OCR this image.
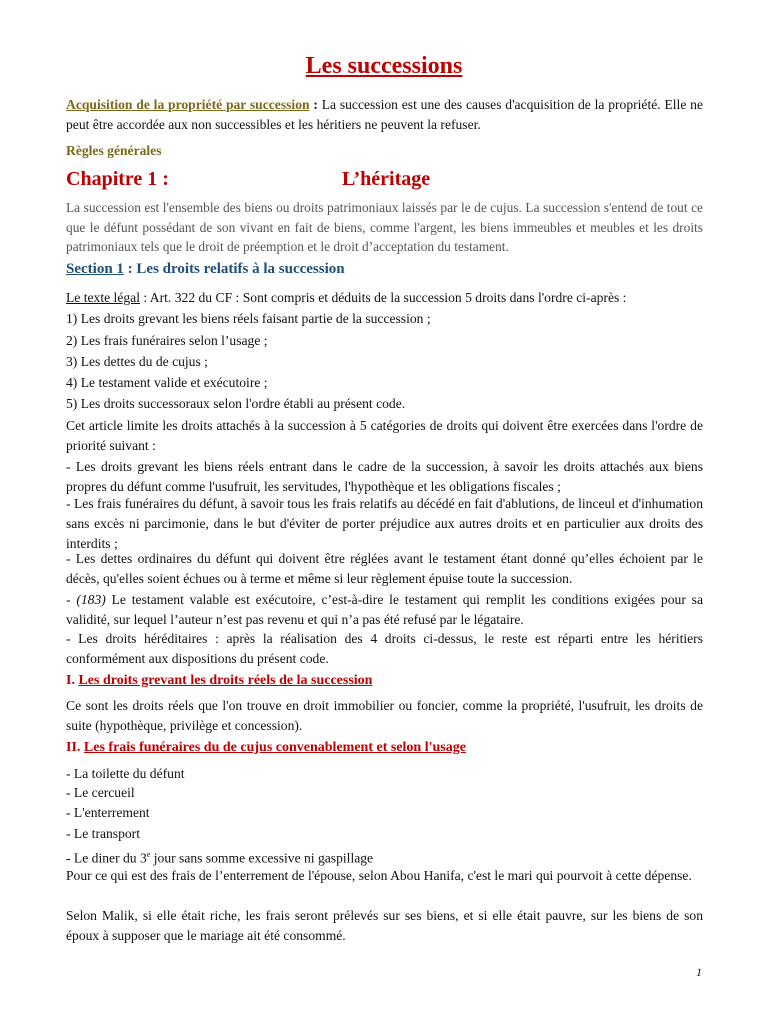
Les successions

Acquisition de la propriété par succession : La succession est une des causes d'acquisition de la propriété. Elle ne peut être accordée aux non successibles et les héritiers ne peuvent la refuser.

Règles générales

Chapitre 1 :	L’héritage

La succession est l'ensemble des biens ou droits patrimoniaux laissés par le de cujus. La succession s'entend de tout ce que le défunt possédant de son vivant en fait de biens, comme l'argent, les biens immeubles et meubles et les droits patrimoniaux tels que le droit de préemption et le droit d’acceptation du testament.

Section 1 : Les droits relatifs à la succession

Le texte légal : Art. 322 du CF : Sont compris et déduits de la succession 5 droits dans l'ordre ci-après :

1) Les droits grevant les biens réels faisant partie de la succession ;

2) Les frais funéraires selon l’usage ;

3) Les dettes du de cujus ;

4) Le testament valide et exécutoire ;

5) Les droits successoraux selon l'ordre établi au présent code.

Cet article limite les droits attachés à la succession à 5 catégories de droits qui doivent être exercées dans l'ordre de priorité suivant :

- Les droits grevant les biens réels entrant dans le cadre de la succession, à savoir les droits attachés aux biens propres du défunt comme l'usufruit, les servitudes, l'hypothèque et les obligations fiscales ;

- Les frais funéraires du défunt, à savoir tous les frais relatifs au décédé en fait d'ablutions, de linceul et d'inhumation sans excès ni parcimonie, dans le but d'éviter de porter préjudice aux autres droits et en particulier aux droits des interdits ;

- Les dettes ordinaires du défunt qui doivent être réglées avant le testament étant donné qu’elles échoient par le décès, qu'elles soient échues ou à terme et même si leur règlement épuise toute la succession.

- (183) Le testament valable est exécutoire, c’est-à-dire le testament qui remplit les conditions exigées pour sa validité, sur lequel l’auteur n’est pas revenu et qui n’a pas été refusé par le légataire.

- Les droits héréditaires : après la réalisation des 4 droits ci-dessus, le reste est réparti entre les héritiers conformément aux dispositions du présent code.

I. Les droits grevant les droits réels de la succession

Ce sont les droits réels que l'on trouve en droit immobilier ou foncier, comme la propriété, l'usufruit, les droits de suite (hypothèque, privilège et concession).

II. Les frais funéraires du de cujus convenablement et selon l'usage

- La toilette du défunt

- Le cercueil

- L'enterrement

- Le transport

- Le diner du 3e jour sans somme excessive ni gaspillage

Pour ce qui est des frais de l’enterrement de l'épouse, selon Abou Hanifa, c'est le mari qui pourvoit à cette dépense.

Selon Malik, si elle était riche, les frais seront prélevés sur ses biens, et si elle était pauvre, sur les biens de son époux à supposer que le mariage ait été consommé.

1
